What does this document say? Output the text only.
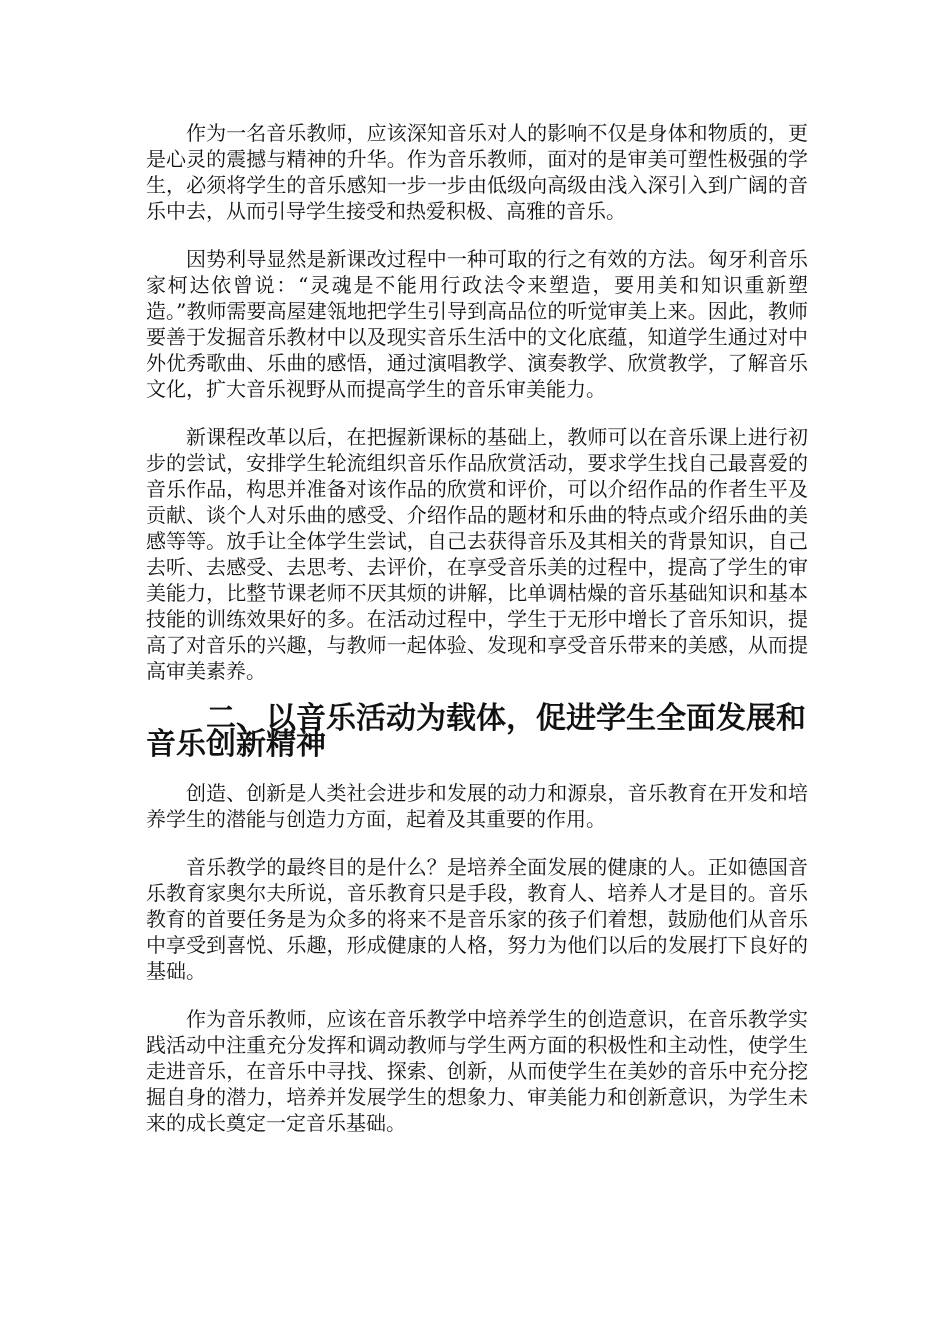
作为一名音乐教师，应该深知音乐对人的影响不仅是身体和物质的，更是心灵的震撼与精神的升华。作为音乐教师，面对的是审美可塑性极强的学生，必须将学生的音乐感知一步一步由低级向高级由浅入深引入到广阔的音乐中去，从而引导学生接受和热爱积极、高雅的音乐。

因势利导显然是新课改过程中一种可取的行之有效的方法。匈牙利音乐家柯达依曾说：“灵魂是不能用行政法令来塑造，要用美和知识重新塑造。”教师需要高屋建瓴地把学生引导到高品位的听觉审美上来。因此，教师要善于发掘音乐教材中以及现实音乐生活中的文化底蕴，知道学生通过对中外优秀歌曲、乐曲的感悟，通过演唱教学、演奏教学、欣赏教学，了解音乐文化，扩大音乐视野从而提高学生的音乐审美能力。

新课程改革以后，在把握新课标的基础上，教师可以在音乐课上进行初步的尝试，安排学生轮流组织音乐作品欣赏活动，要求学生找自己最喜爱的音乐作品，构思并准备对该作品的欣赏和评价，可以介绍作品的作者生平及贡献、谈个人对乐曲的感受、介绍作品的题材和乐曲的特点或介绍乐曲的美感等等。放手让全体学生尝试，自己去获得音乐及其相关的背景知识，自己去听、去感受、去思考、去评价，在享受音乐美的过程中，提高了学生的审美能力，比整节课老师不厌其烦的讲解，比单调枯燥的音乐基础知识和基本技能的训练效果好的多。在活动过程中，学生于无形中增长了音乐知识，提高了对音乐的兴趣，与教师一起体验、发现和享受音乐带来的美感，从而提高审美素养。

二、以音乐活动为载体，促进学生全面发展和音乐创新精神

创造、创新是人类社会进步和发展的动力和源泉，音乐教育在开发和培养学生的潜能与创造力方面，起着及其重要的作用。

音乐教学的最终目的是什么？是培养全面发展的健康的人。正如德国音乐教育家奥尔夫所说，音乐教育只是手段，教育人、培养人才是目的。音乐教育的首要任务是为众多的将来不是音乐家的孩子们着想，鼓励他们从音乐中享受到喜悦、乐趣，形成健康的人格，努力为他们以后的发展打下良好的基础。

作为音乐教师，应该在音乐教学中培养学生的创造意识，在音乐教学实践活动中注重充分发挥和调动教师与学生两方面的积极性和主动性，使学生走进音乐，在音乐中寻找、探索、创新，从而使学生在美妙的音乐中充分挖掘自身的潜力，培养并发展学生的想象力、审美能力和创新意识，为学生未来的成长奠定一定音乐基础。
